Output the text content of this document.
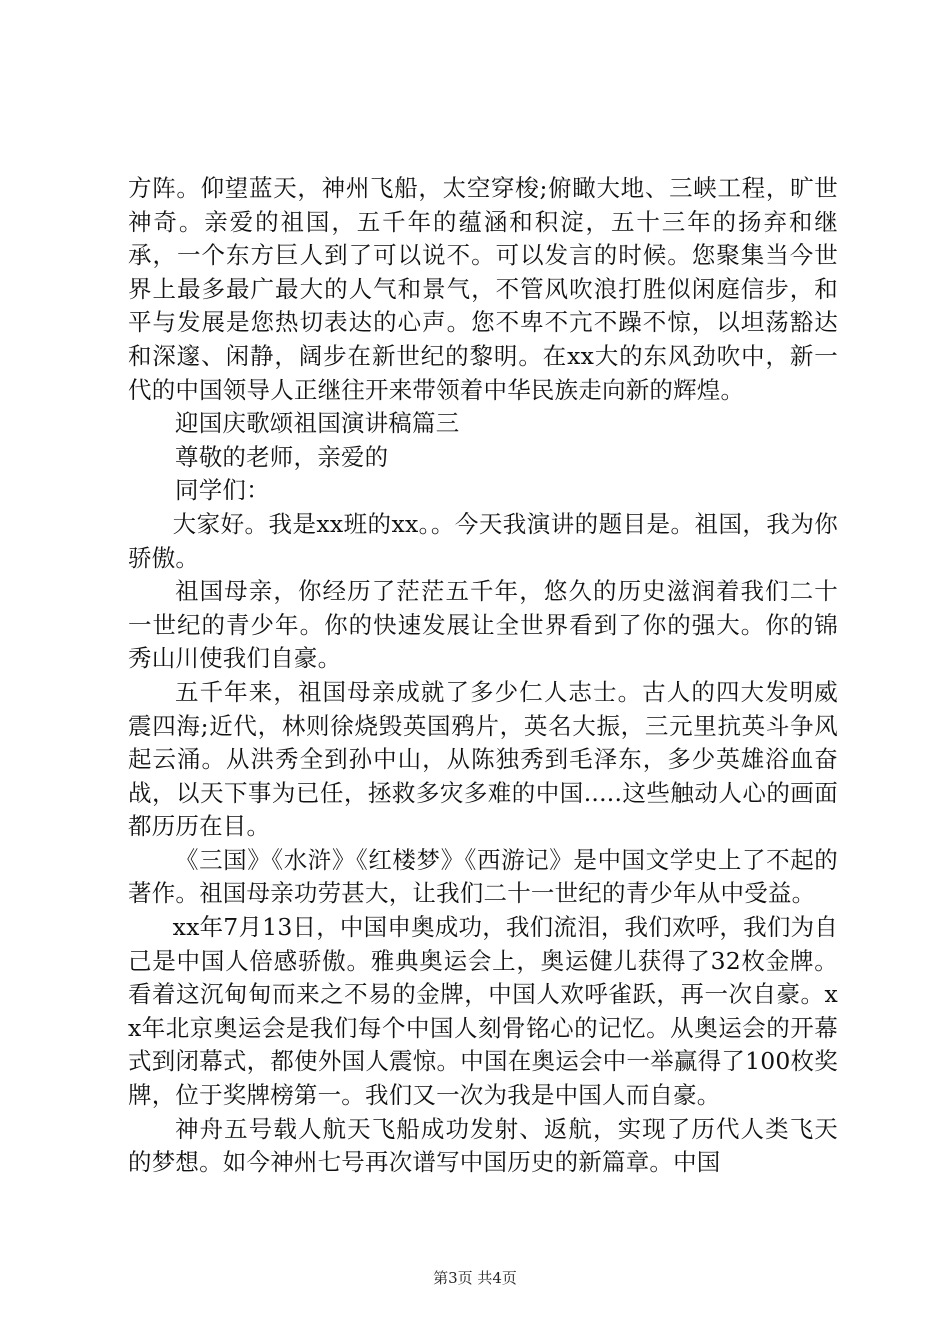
方阵。仰望蓝天，神州飞船，太空穿梭;俯瞰大地、三峡工程，旷世神奇。亲爱的祖国，五千年的蕴涵和积淀，五十三年的扬弃和继承，一个东方巨人到了可以说不。可以发言的时候。您聚集当今世界上最多最广最大的人气和景气，不管风吹浪打胜似闲庭信步，和平与发展是您热切表达的心声。您不卑不亢不躁不惊，以坦荡豁达和深邃、闲静，阔步在新世纪的黎明。在xx大的东风劲吹中，新一代的中国领导人正继往开来带领着中华民族走向新的辉煌。

迎国庆歌颂祖国演讲稿篇三

尊敬的老师，亲爱的

同学们：

大家好。我是xx班的xx。。今天我演讲的题目是。祖国，我为你骄傲。

祖国母亲，你经历了茫茫五千年，悠久的历史滋润着我们二十一世纪的青少年。你的快速发展让全世界看到了你的强大。你的锦秀山川使我们自豪。

五千年来，祖国母亲成就了多少仁人志士。古人的四大发明威震四海;近代，林则徐烧毁英国鸦片，英名大振，三元里抗英斗争风起云涌。从洪秀全到孙中山，从陈独秀到毛泽东，多少英雄浴血奋战，以天下事为已任，拯救多灾多难的中国.....这些触动人心的画面都历历在目。

《三国》《水浒》《红楼梦》《西游记》是中国文学史上了不起的著作。祖国母亲功劳甚大，让我们二十一世纪的青少年从中受益。

xx年7月13日，中国申奥成功，我们流泪，我们欢呼，我们为自己是中国人倍感骄傲。雅典奥运会上，奥运健儿获得了32枚金牌。看着这沉甸甸而来之不易的金牌，中国人欢呼雀跃，再一次自豪。xx年北京奥运会是我们每个中国人刻骨铭心的记忆。从奥运会的开幕式到闭幕式，都使外国人震惊。中国在奥运会中一举赢得了100枚奖牌，位于奖牌榜第一。我们又一次为我是中国人而自豪。

神舟五号载人航天飞船成功发射、返航，实现了历代人类飞天的梦想。如今神州七号再次谱写中国历史的新篇章。中国

第3页 共4页
